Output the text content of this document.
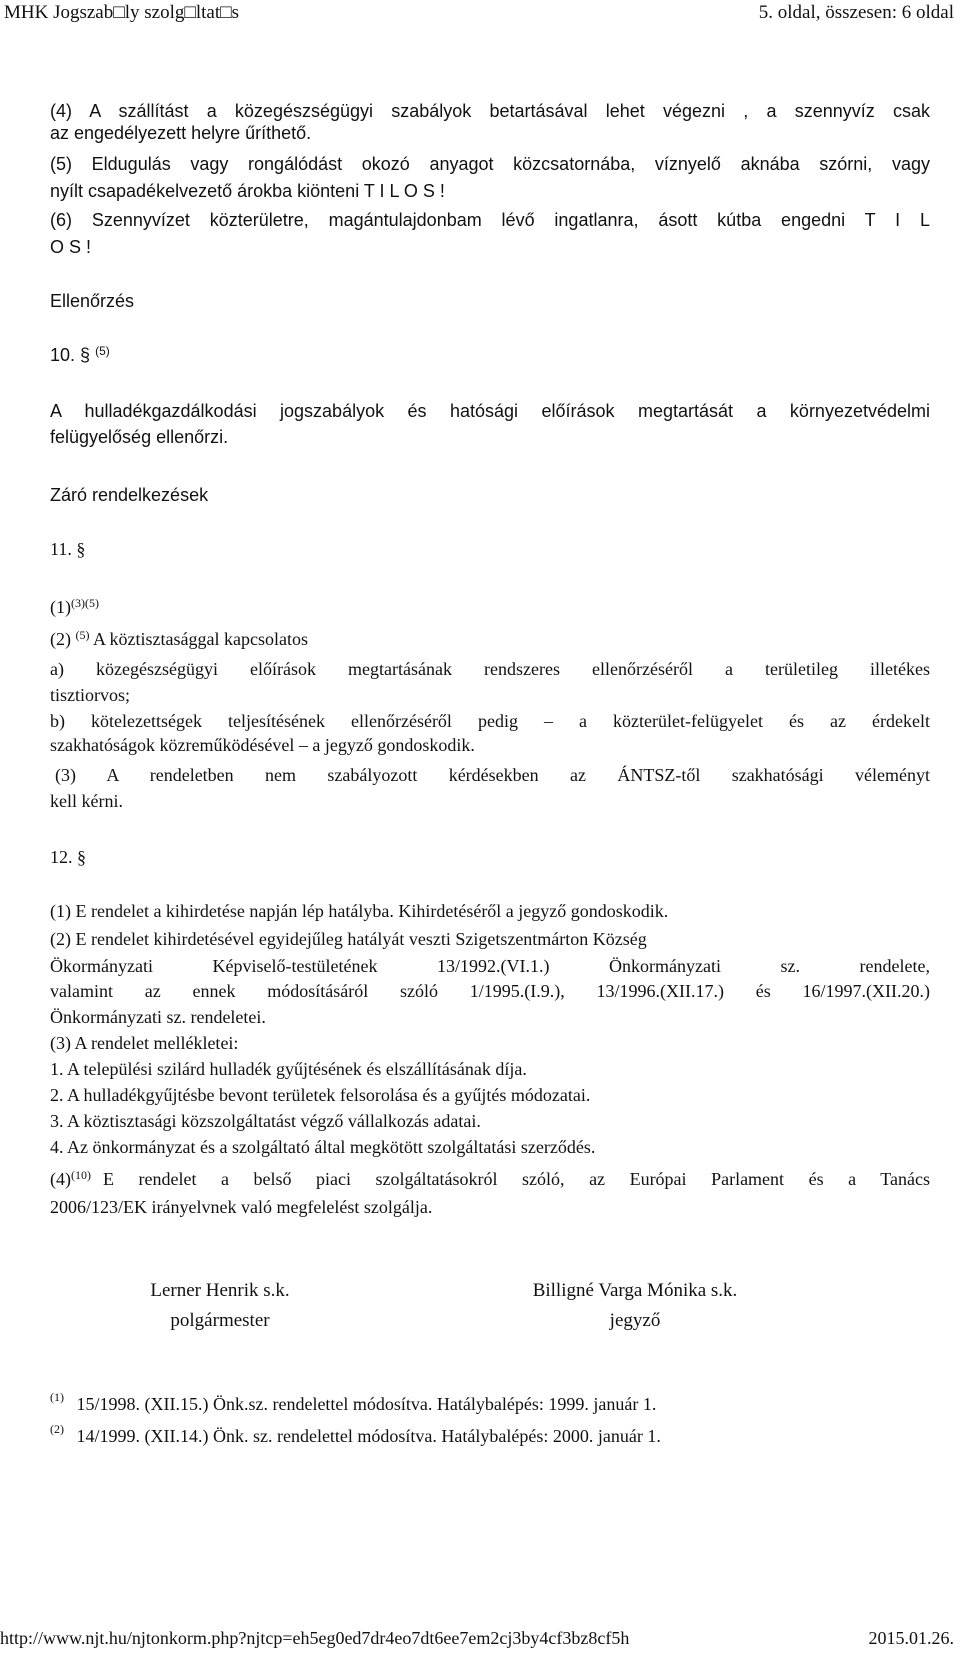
MHK Jogszab□ly szolg□ltat□s	5. oldal, összesen: 6 oldal
(4) A szállítást a közegészségügyi szabályok betartásával lehet végezni , a szennyvíz csak
az engedélyezett helyre űríthető.
(5) Eldugulás vagy rongálódást okozó anyagot közcsatornába, víznyelő aknába szórni, vagy
nyílt csapadékelvezető árokba kiönteni T I L O S !
(6) Szennyvízet közterületre, magántulajdonbam lévő ingatlanra, ásott kútba engedni T I L
O S !
Ellenőrzés
10. § $^{(5)}$
A hulladékgazdálkodási jogszabályok és hatósági előírások megtartását a környezetvédelmi
felügyelőség ellenőrzi.
Záró rendelkezések
11. §
$(1)^{(3)(5)}$
(2) $^{(5)}$ A köztisztasággal kapcsolatos
a) közegészségügyi előírások megtartásának rendszeres ellenőrzéséről a területileg illetékes
tisztiorvos;
b) kötelezettségek teljesítésének ellenőrzéséről pedig – a közterület-felügyelet és az érdekelt
szakhatóságok közreműködésével – a jegyző gondoskodik.
(3) A rendeletben nem szabályozott kérdésekben az ÁNTSZ-től szakhatósági véleményt
kell kérni.
12. §
(1) E rendelet a kihirdetése napján lép hatályba. Kihirdetéséről a jegyző gondoskodik.
(2) E rendelet kihirdetésével egyidejűleg hatályát veszti Szigetszentmárton Község
Ökormányzati Képviselő-testületének 13/1992.(VI.1.) Önkormányzati sz. rendelete,
valamint az ennek módosításáról szóló 1/1995.(I.9.), 13/1996.(XII.17.) és 16/1997.(XII.20.)
Önkormányzati sz. rendeletei.
(3) A rendelet mellékletei:
1. A települési szilárd hulladék gyűjtésének és elszállításának díja.
2. A hulladékgyűjtésbe bevont területek felsorolása és a gyűjtés módozatai.
3. A köztisztasági közszolgáltatást végző vállalkozás adatai.
4. Az önkormányzat és a szolgáltató által megkötött szolgáltatási szerződés.
$(4)^{(10)}$ E rendelet a belső piaci szolgáltatásokról szóló, az Európai Parlament és a Tanács
2006/123/EK irányelvnek való megfelelést szolgálja.
Lerner Henrik s.k.
polgármester
Billigné Varga Mónika s.k.
jegyző
$^{(1)}$ 15/1998. (XII.15.) Önk.sz. rendelettel módosítva. Hatálybalépés: 1999. január 1.
$^{(2)}$ 14/1999. (XII.14.) Önk. sz. rendelettel módosítva. Hatálybalépés: 2000. január 1.
http://www.njt.hu/njtonkorm.php?njtcp=eh5eg0ed7dr4eo7dt6ee7em2cj3by4cf3bz8cf5h	2015.01.26.
